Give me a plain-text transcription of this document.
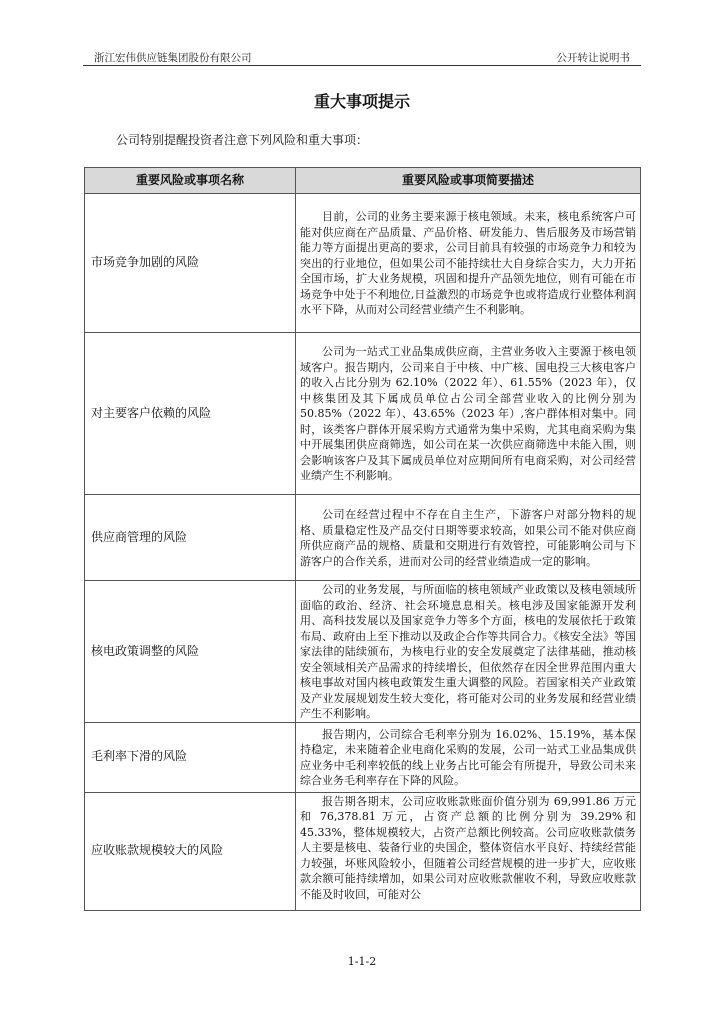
浙江宏伟供应链集团股份有限公司	公开转让说明书
重大事项提示
公司特别提醒投资者注意下列风险和重大事项：
重要风险或事项名称	重要风险或事项简要描述
市场竞争加剧的风险	目前，公司的业务主要来源于核电领域。未来，核电系统客户可能对供应商在产品质量、产品价格、研发能力、售后服务及市场营销能力等方面提出更高的要求，公司目前具有较强的市场竞争力和较为突出的行业地位，但如果公司不能持续壮大自身综合实力，大力开拓全国市场，扩大业务规模，巩固和提升产品领先地位，则有可能在市场竞争中处于不利地位,日益激烈的市场竞争也或将造成行业整体利润水平下降，从而对公司经营业绩产生不利影响。
对主要客户依赖的风险	公司为一站式工业品集成供应商，主营业务收入主要源于核电领域客户。报告期内，公司来自于中核、中广核、国电投三大核电客户的收入占比分别为 62.10%（2022 年）、61.55%（2023 年），仅中核集团及其下属成员单位占公司全部营业收入的比例分别为 50.85%（2022 年）、43.65%（2023 年）,客户群体相对集中。同时，该类客户群体开展采购方式通常为集中采购，尤其电商采购为集中开展集团供应商筛选，如公司在某一次供应商筛选中未能入围，则会影响该客户及其下属成员单位对应期间所有电商采购，对公司经营业绩产生不利影响。
供应商管理的风险	公司在经营过程中不存在自主生产，下游客户对部分物料的规格、质量稳定性及产品交付日期等要求较高，如果公司不能对供应商所供应商产品的规格、质量和交期进行有效管控，可能影响公司与下游客户的合作关系，进而对公司的经营业绩造成一定的影响。
核电政策调整的风险	公司的业务发展，与所面临的核电领域产业政策以及核电领域所面临的政治、经济、社会环境息息相关。核电涉及国家能源开发利用、高科技发展以及国家竞争力等多个方面，核电的发展依托于政策布局、政府由上至下推动以及政企合作等共同合力。《核安全法》等国家法律的陆续颁布，为核电行业的安全发展奠定了法律基础，推动核安全领域相关产品需求的持续增长，但依然存在因全世界范围内重大核电事故对国内核电政策发生重大调整的风险。若国家相关产业政策及产业发展规划发生较大变化，将可能对公司的业务发展和经营业绩产生不利影响。
毛利率下滑的风险	报告期内，公司综合毛利率分别为 16.02%、15.19%，基本保持稳定，未来随着企业电商化采购的发展，公司一站式工业品集成供应业务中毛利率较低的线上业务占比可能会有所提升，导致公司未来综合业务毛利率存在下降的风险。
应收账款规模较大的风险	报告期各期末，公司应收账款账面价值分别为 69,991.86 万元和 76,378.81 万元，占资产总额的比例分别为 39.29%和 45.33%，整体规模较大，占资产总额比例较高。公司应收账款债务人主要是核电、装备行业的央国企，整体资信水平良好、持续经营能力较强，坏账风险较小，但随着公司经营规模的进一步扩大，应收账款余额可能持续增加，如果公司对应收账款催收不利，导致应收账款不能及时收回，可能对公
1-1-2
